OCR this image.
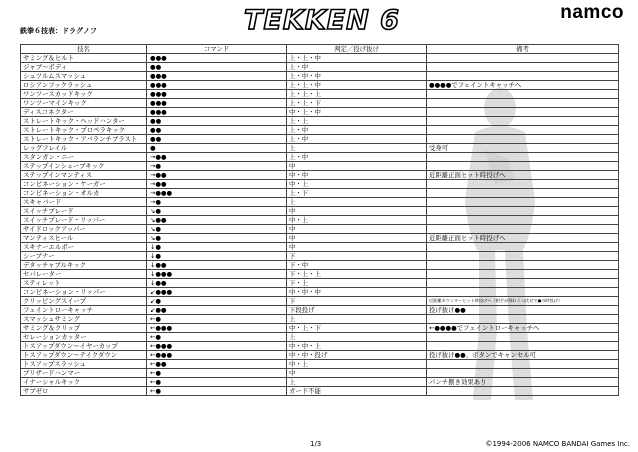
鉄拳６技表：ドラグノフ	TEKKEN 6	namco
技名	コマンド	判定／投げ抜け	備考
サミング＆ヒルト	●●●	上・上・中	
ジャブ～ボディ	●●	上・中	
シュツルムスマッシュ	●●●	上・中・中	
ロシアンフックラッシュ	●●●	上・上・中	●●●●でフェイントキャッチへ
ワンツースカッドキック	●●●	上・上・上	
ワンツーマインキック	●●●	上・上・下	
ディスコネクター	●●●	中・上・中	
ストレートキック・ヘッドハンター	●●	上・上	
ストレートキック・プロペラキック	●●	上・中	
ストレートキック・アバランチブラスト	●●	上・中	
レッグフレイル	●	上	受身可
スタンガン・ニー	→●●	上・中	
ステップインシェーブキック	→●	中	
ステップインマンティス	→●●	中・中	近距離正面ヒット時投げへ
コンビネーション・ケーガー	→●●	中・上	
コンビネーション・オルカ	→●●●	上・下	
スキャバード	→●	上	
スイッチブレード	↘●	中	
スイッチブレード・リッパー	↘●●	中・上	
サイドロックアッパー	↘●	中	
マンティスヒール	↘●	中	近距離正面ヒット時投げへ
スキナーエルボー	↓●	中	
シーブナー	↓●	下	
デタッチャブルキック	↓●●	下・中	
セパレーター	↓●●●	下・上・上	
スティレット	↓●●	下・上	
コンビネーション・リッパー	↙●●●	中・中・中	
クリッピングスイープ	↙●	下	近距離カウンターヒット時投げへ（相手が倒れうつ伏せで●の時投げ）
フェイントローキャッチ	↙●●	下段投げ	投げ抜け●●
スマッシュサミング	←●	上	
サミング＆クリップ	←●●●	中・上・下	←●●●●でフェイントローキャッチへ
セレーションカッター	←●	上	
トスアップダウン～イヤーカップ	←●●●	中・中・上	
トスアップダウン～テイクダウン	←●●●	中・中・投げ	投げ抜け●●、ボタンでキャンセル可
トスアップスラッシュ	←●●	中・上	
ブリザードハンマー	←●	中	
イナーシャルキック	←●	上	パンチ捌き効果あり
サブゼロ	←●	ガード不能	
1/3	©1994‐2006 NAMCO BANDAI Games Inc.
